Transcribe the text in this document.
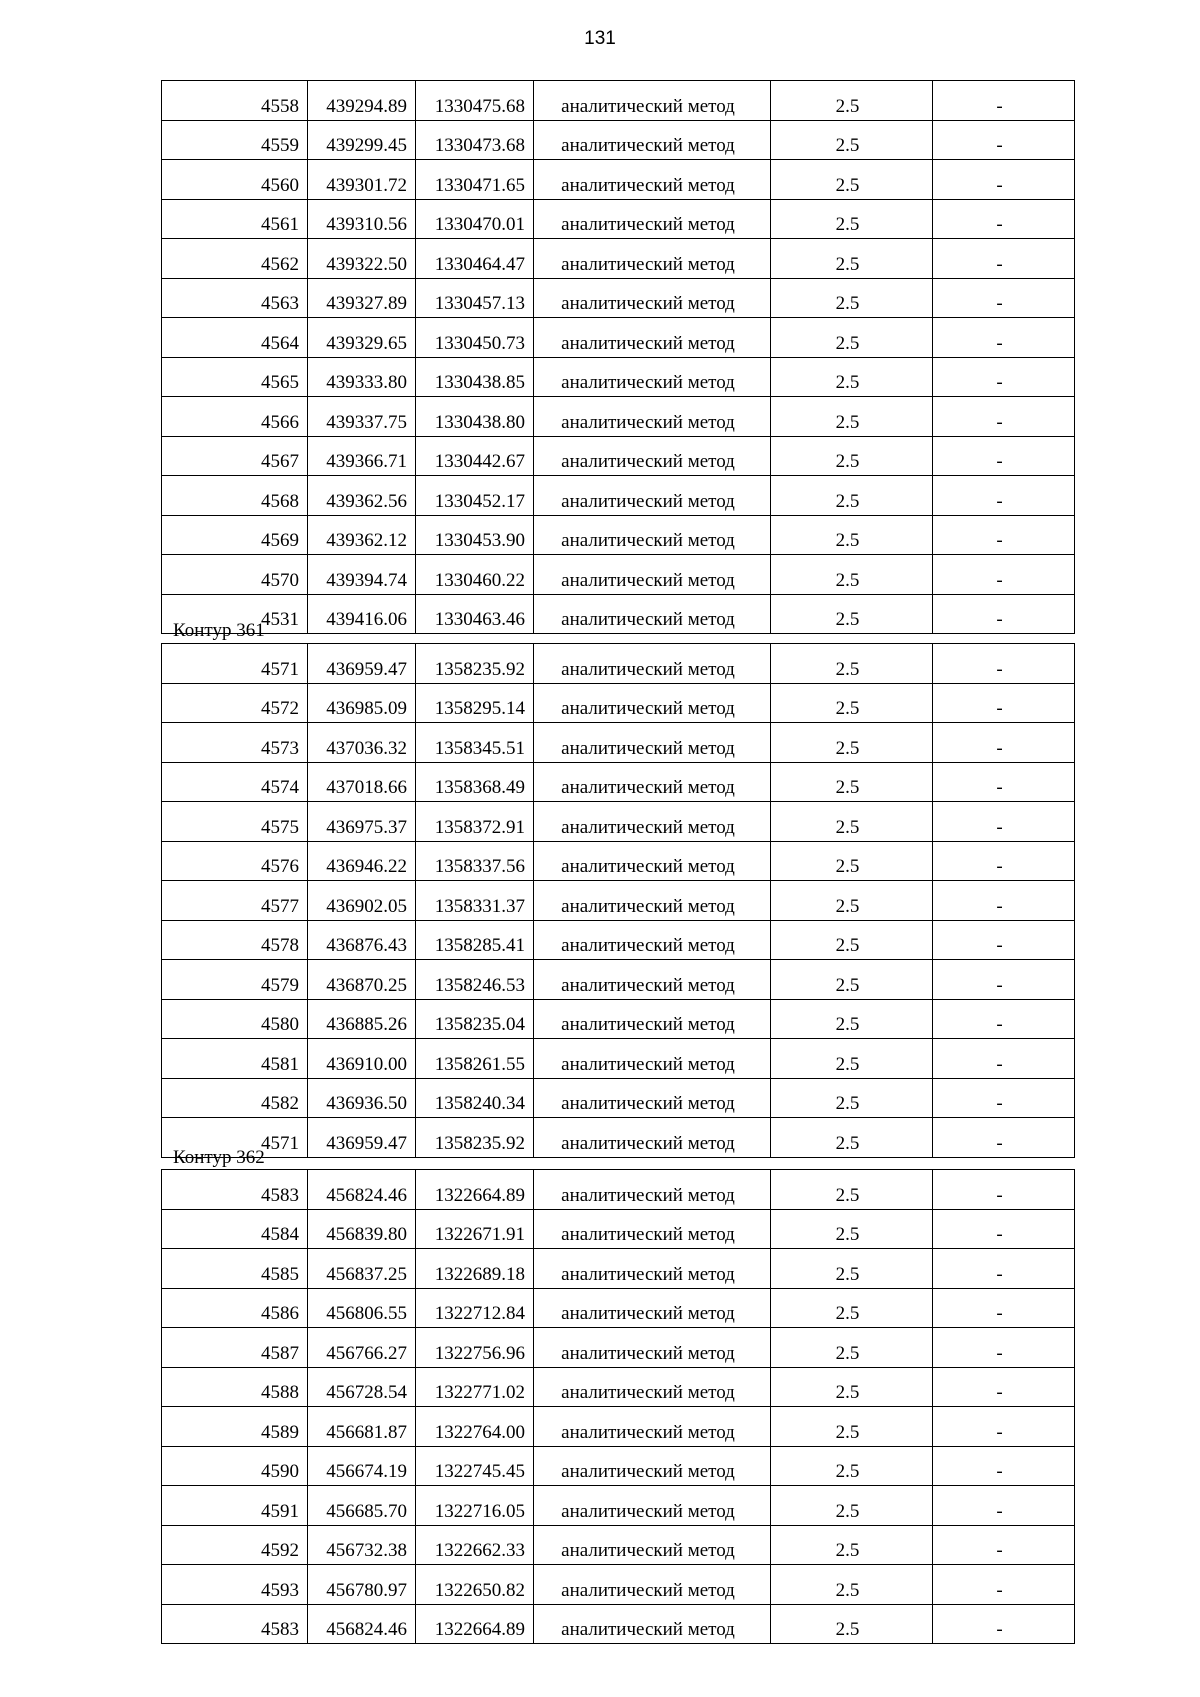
131
4558	439294.89	1330475.68	аналитический метод	2.5	-
4559	439299.45	1330473.68	аналитический метод	2.5	-
4560	439301.72	1330471.65	аналитический метод	2.5	-
4561	439310.56	1330470.01	аналитический метод	2.5	-
4562	439322.50	1330464.47	аналитический метод	2.5	-
4563	439327.89	1330457.13	аналитический метод	2.5	-
4564	439329.65	1330450.73	аналитический метод	2.5	-
4565	439333.80	1330438.85	аналитический метод	2.5	-
4566	439337.75	1330438.80	аналитический метод	2.5	-
4567	439366.71	1330442.67	аналитический метод	2.5	-
4568	439362.56	1330452.17	аналитический метод	2.5	-
4569	439362.12	1330453.90	аналитический метод	2.5	-
4570	439394.74	1330460.22	аналитический метод	2.5	-
4531	439416.06	1330463.46	аналитический метод	2.5	-
Контур 361
4571	436959.47	1358235.92	аналитический метод	2.5	-
4572	436985.09	1358295.14	аналитический метод	2.5	-
4573	437036.32	1358345.51	аналитический метод	2.5	-
4574	437018.66	1358368.49	аналитический метод	2.5	-
4575	436975.37	1358372.91	аналитический метод	2.5	-
4576	436946.22	1358337.56	аналитический метод	2.5	-
4577	436902.05	1358331.37	аналитический метод	2.5	-
4578	436876.43	1358285.41	аналитический метод	2.5	-
4579	436870.25	1358246.53	аналитический метод	2.5	-
4580	436885.26	1358235.04	аналитический метод	2.5	-
4581	436910.00	1358261.55	аналитический метод	2.5	-
4582	436936.50	1358240.34	аналитический метод	2.5	-
4571	436959.47	1358235.92	аналитический метод	2.5	-
Контур 362
4583	456824.46	1322664.89	аналитический метод	2.5	-
4584	456839.80	1322671.91	аналитический метод	2.5	-
4585	456837.25	1322689.18	аналитический метод	2.5	-
4586	456806.55	1322712.84	аналитический метод	2.5	-
4587	456766.27	1322756.96	аналитический метод	2.5	-
4588	456728.54	1322771.02	аналитический метод	2.5	-
4589	456681.87	1322764.00	аналитический метод	2.5	-
4590	456674.19	1322745.45	аналитический метод	2.5	-
4591	456685.70	1322716.05	аналитический метод	2.5	-
4592	456732.38	1322662.33	аналитический метод	2.5	-
4593	456780.97	1322650.82	аналитический метод	2.5	-
4583	456824.46	1322664.89	аналитический метод	2.5	-
